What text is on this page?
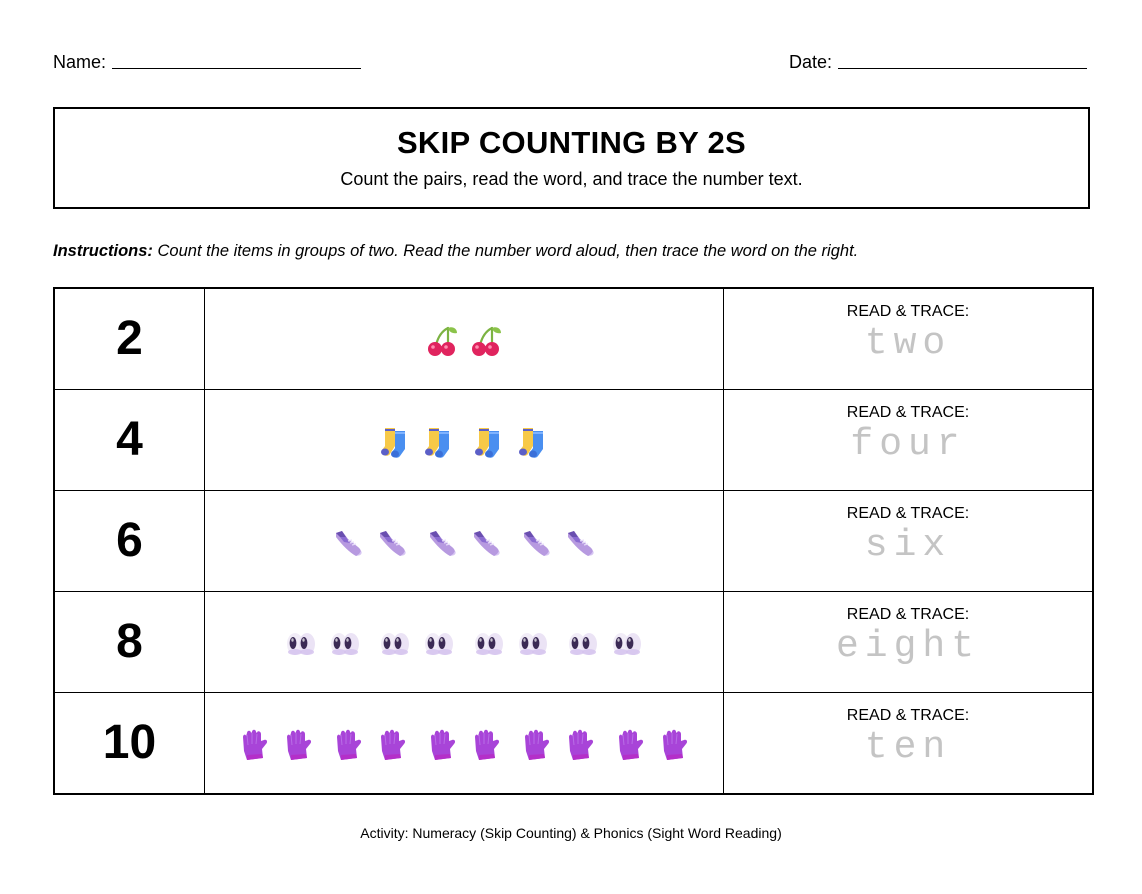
Name:	Date:
SKIP COUNTING BY 2S
Count the pairs, read the word, and trace the number text.
Instructions: Count the items in groups of two. Read the number word aloud, then trace the word on the right.
2		READ & TRACE:
two

4		READ & TRACE:
four

6		READ & TRACE:
six

8		READ & TRACE:
eight

10		READ & TRACE:
ten
Activity: Numeracy (Skip Counting) & Phonics (Sight Word Reading)
